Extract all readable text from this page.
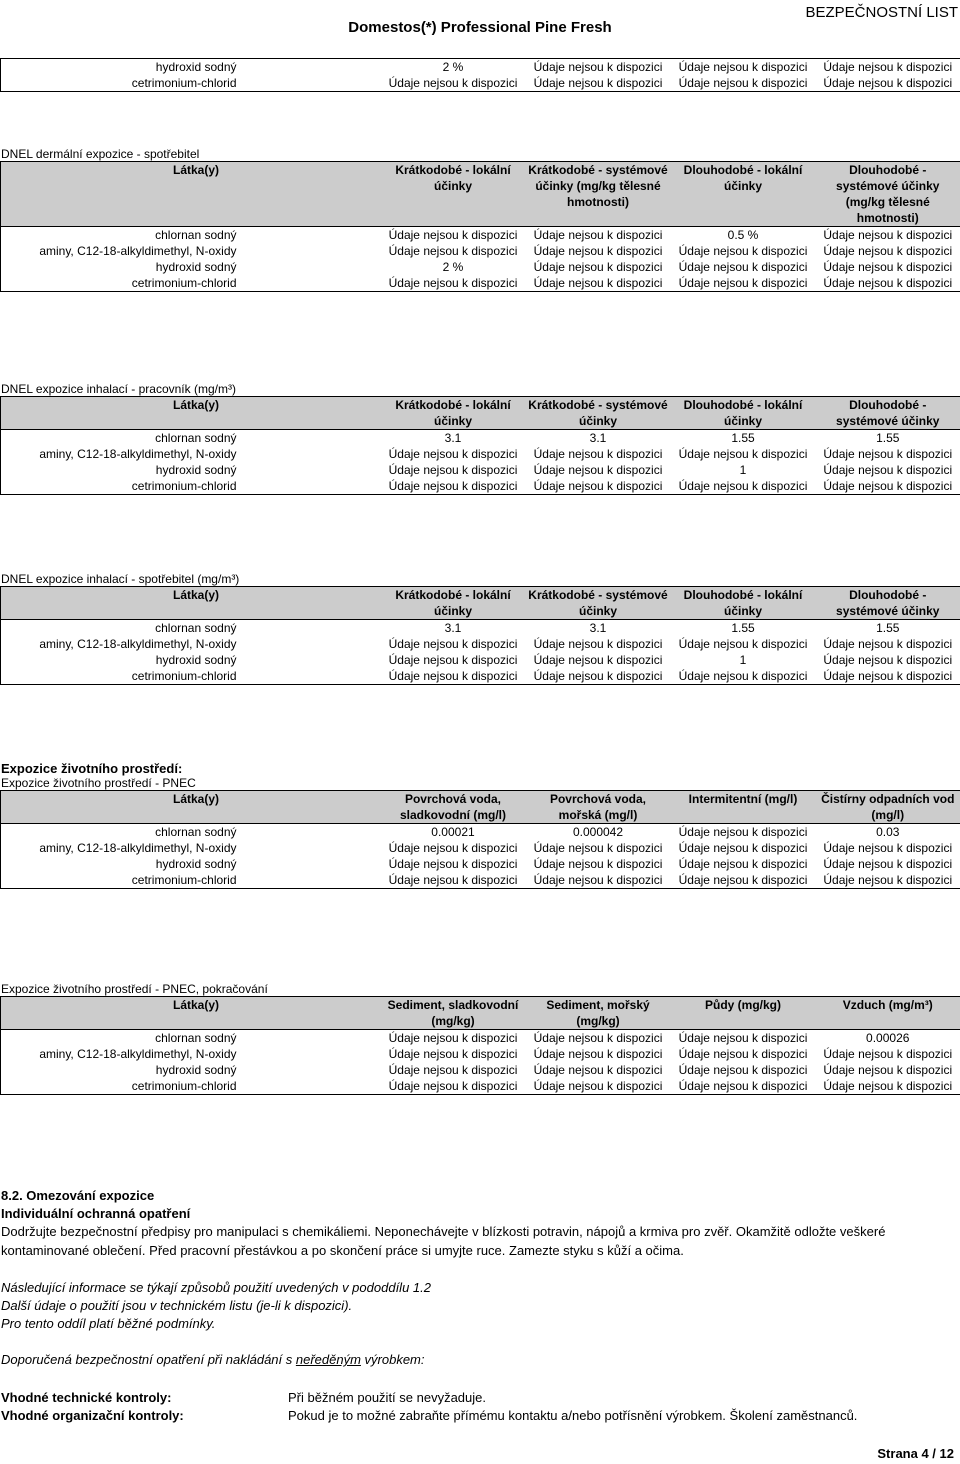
Domestos(*) Professional Pine Fresh
BEZPEČNOSTNÍ LIST
hydroxid sodný	2 %	Údaje nejsou k dispozici	Údaje nejsou k dispozici	Údaje nejsou k dispozici
cetrimonium-chlorid	Údaje nejsou k dispozici	Údaje nejsou k dispozici	Údaje nejsou k dispozici	Údaje nejsou k dispozici
DNEL dermální expozice - spotřebitel
Látka(y)	Krátkodobé - lokální účinky	Krátkodobé - systémové účinky (mg/kg tělesné hmotnosti)	Dlouhodobé - lokální účinky	Dlouhodobé - systémové účinky (mg/kg tělesné hmotnosti)
chlornan sodný	Údaje nejsou k dispozici	Údaje nejsou k dispozici	0.5 %	Údaje nejsou k dispozici
aminy, C12-18-alkyldimethyl, N-oxidy	Údaje nejsou k dispozici	Údaje nejsou k dispozici	Údaje nejsou k dispozici	Údaje nejsou k dispozici
hydroxid sodný	2 %	Údaje nejsou k dispozici	Údaje nejsou k dispozici	Údaje nejsou k dispozici
cetrimonium-chlorid	Údaje nejsou k dispozici	Údaje nejsou k dispozici	Údaje nejsou k dispozici	Údaje nejsou k dispozici
DNEL expozice inhalací - pracovník (mg/m³)
Látka(y)	Krátkodobé - lokální účinky	Krátkodobé - systémové účinky	Dlouhodobé - lokální účinky	Dlouhodobé - systémové účinky
chlornan sodný	3.1	3.1	1.55	1.55
aminy, C12-18-alkyldimethyl, N-oxidy	Údaje nejsou k dispozici	Údaje nejsou k dispozici	Údaje nejsou k dispozici	Údaje nejsou k dispozici
hydroxid sodný	Údaje nejsou k dispozici	Údaje nejsou k dispozici	1	Údaje nejsou k dispozici
cetrimonium-chlorid	Údaje nejsou k dispozici	Údaje nejsou k dispozici	Údaje nejsou k dispozici	Údaje nejsou k dispozici
DNEL expozice inhalací - spotřebitel (mg/m³)
Látka(y)	Krátkodobé - lokální účinky	Krátkodobé - systémové účinky	Dlouhodobé - lokální účinky	Dlouhodobé - systémové účinky
chlornan sodný	3.1	3.1	1.55	1.55
aminy, C12-18-alkyldimethyl, N-oxidy	Údaje nejsou k dispozici	Údaje nejsou k dispozici	Údaje nejsou k dispozici	Údaje nejsou k dispozici
hydroxid sodný	Údaje nejsou k dispozici	Údaje nejsou k dispozici	1	Údaje nejsou k dispozici
cetrimonium-chlorid	Údaje nejsou k dispozici	Údaje nejsou k dispozici	Údaje nejsou k dispozici	Údaje nejsou k dispozici
Expozice životního prostředí:
Expozice životního prostředí - PNEC
Látka(y)	Povrchová voda, sladkovodní (mg/l)	Povrchová voda, mořská (mg/l)	Intermitentní (mg/l)	Čistírny odpadních vod (mg/l)
chlornan sodný	0.00021	0.000042	Údaje nejsou k dispozici	0.03
aminy, C12-18-alkyldimethyl, N-oxidy	Údaje nejsou k dispozici	Údaje nejsou k dispozici	Údaje nejsou k dispozici	Údaje nejsou k dispozici
hydroxid sodný	Údaje nejsou k dispozici	Údaje nejsou k dispozici	Údaje nejsou k dispozici	Údaje nejsou k dispozici
cetrimonium-chlorid	Údaje nejsou k dispozici	Údaje nejsou k dispozici	Údaje nejsou k dispozici	Údaje nejsou k dispozici
Expozice životního prostředí - PNEC, pokračování
Látka(y)	Sediment, sladkovodní (mg/kg)	Sediment, mořský (mg/kg)	Půdy (mg/kg)	Vzduch (mg/m³)
chlornan sodný	Údaje nejsou k dispozici	Údaje nejsou k dispozici	Údaje nejsou k dispozici	0.00026
aminy, C12-18-alkyldimethyl, N-oxidy	Údaje nejsou k dispozici	Údaje nejsou k dispozici	Údaje nejsou k dispozici	Údaje nejsou k dispozici
hydroxid sodný	Údaje nejsou k dispozici	Údaje nejsou k dispozici	Údaje nejsou k dispozici	Údaje nejsou k dispozici
cetrimonium-chlorid	Údaje nejsou k dispozici	Údaje nejsou k dispozici	Údaje nejsou k dispozici	Údaje nejsou k dispozici
8.2. Omezování expozice
Individuální ochranná opatření
Dodržujte bezpečnostní předpisy pro manipulaci s chemikáliemi. Neponechávejte v blízkosti potravin, nápojů a krmiva pro zvěř. Okamžitě odložte veškeré kontaminované oblečení. Před pracovní přestávkou a po skončení práce si umyjte ruce. Zamezte styku s kůží a očima.
Následující informace se týkají způsobů použití uvedených v pododdílu 1.2
Další údaje o použití jsou v technickém listu (je-li k dispozici).
Pro tento oddíl platí běžné podmínky.
Doporučená bezpečnostní opatření při nakládání s neředěným výrobkem:
Vhodné technické kontroly:	Při běžném použití se nevyžaduje.
Vhodné organizační kontroly:	Pokud je to možné zabraňte přímému kontaktu a/nebo potřísnění výrobkem. Školení zaměstnanců.
Strana 4 / 12
